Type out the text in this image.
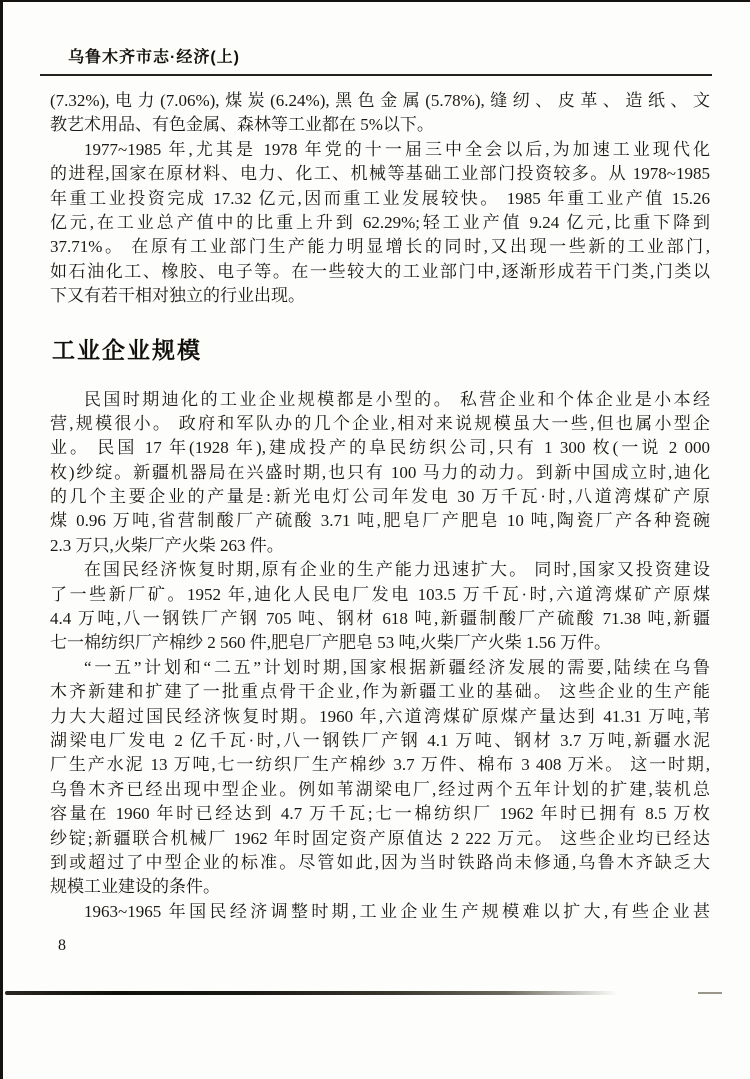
乌鲁木齐市志·经济(上)

(7.32%),电力(7.06%),煤炭(6.24%),黑色金属(5.78%),缝纫、皮革、造纸、文
教艺术用品、有色金属、森林等工业都在 5%以下。

1977~1985 年,尤其是 1978 年党的十一届三中全会以后,为加速工业现代化
的进程,国家在原材料、电力、化工、机械等基础工业部门投资较多。从 1978~1985
年重工业投资完成 17.32 亿元,因而重工业发展较快。 1985 年重工业产值 15.26
亿元,在工业总产值中的比重上升到 62.29%;轻工业产值 9.24 亿元,比重下降到
37.71%。 在原有工业部门生产能力明显增长的同时,又出现一些新的工业部门,
如石油化工、橡胶、电子等。在一些较大的工业部门中,逐渐形成若干门类,门类以
下又有若干相对独立的行业出现。

工业企业规模

民国时期迪化的工业企业规模都是小型的。 私营企业和个体企业是小本经
营,规模很小。 政府和军队办的几个企业,相对来说规模虽大一些,但也属小型企
业。 民国 17 年(1928 年),建成投产的阜民纺织公司,只有 1 300 枚(一说 2 000
枚)纱绽。新疆机器局在兴盛时期,也只有 100 马力的动力。到新中国成立时,迪化
的几个主要企业的产量是:新光电灯公司年发电 30 万千瓦·时,八道湾煤矿产原
煤 0.96 万吨,省营制酸厂产硫酸 3.71 吨,肥皂厂产肥皂 10 吨,陶瓷厂产各种瓷碗
2.3 万只,火柴厂产火柴 263 件。

在国民经济恢复时期,原有企业的生产能力迅速扩大。 同时,国家又投资建设
了一些新厂矿。1952 年,迪化人民电厂发电 103.5 万千瓦·时,六道湾煤矿产原煤
4.4 万吨,八一钢铁厂产钢 705 吨、钢材 618 吨,新疆制酸厂产硫酸 71.38 吨,新疆
七一棉纺织厂产棉纱 2 560 件,肥皂厂产肥皂 53 吨,火柴厂产火柴 1.56 万件。

“一五”计划和“二五”计划时期,国家根据新疆经济发展的需要,陆续在乌鲁
木齐新建和扩建了一批重点骨干企业,作为新疆工业的基础。 这些企业的生产能
力大大超过国民经济恢复时期。1960 年,六道湾煤矿原煤产量达到 41.31 万吨,苇
湖梁电厂发电 2 亿千瓦·时,八一钢铁厂产钢 4.1 万吨、钢材 3.7 万吨,新疆水泥
厂生产水泥 13 万吨,七一纺织厂生产棉纱 3.7 万件、棉布 3 408 万米。 这一时期,
乌鲁木齐已经出现中型企业。例如苇湖梁电厂,经过两个五年计划的扩建,装机总
容量在 1960 年时已经达到 4.7 万千瓦;七一棉纺织厂 1962 年时已拥有 8.5 万枚
纱锭;新疆联合机械厂 1962 年时固定资产原值达 2 222 万元。 这些企业均已经达
到或超过了中型企业的标准。尽管如此,因为当时铁路尚未修通,乌鲁木齐缺乏大
规模工业建设的条件。

1963~1965 年国民经济调整时期,工业企业生产规模难以扩大,有些企业甚

8
